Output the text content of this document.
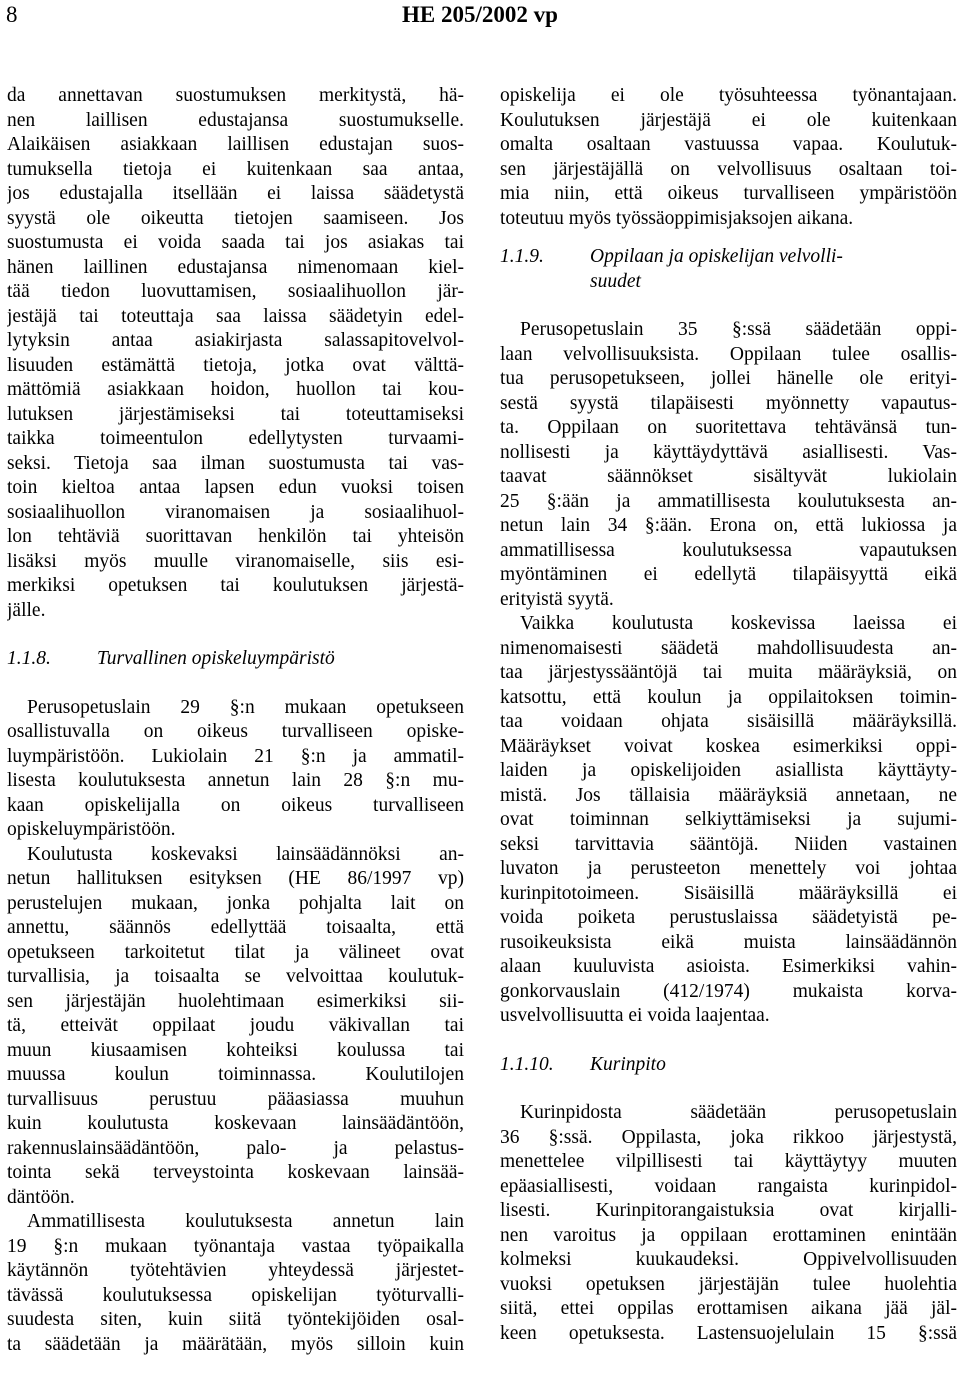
8	HE 205/2002 vp
da annettavan suostumuksen merkitystä, hä-
nen laillisen edustajansa suostumukselle.
Alaikäisen asiakkaan laillisen edustajan suos-
tumuksella tietoja ei kuitenkaan saa antaa,
jos edustajalla itsellään ei laissa säädetystä
syystä ole oikeutta tietojen saamiseen. Jos
suostumusta ei voida saada tai jos asiakas tai
hänen laillinen edustajansa nimenomaan kiel-
tää tiedon luovuttamisen, sosiaalihuollon jär-
jestäjä tai toteuttaja saa laissa säädetyin edel-
lytyksin antaa asiakirjasta salassapitovelvol-
lisuuden estämättä tietoja, jotka ovat välttä-
mättömiä asiakkaan hoidon, huollon tai kou-
lutuksen järjestämiseksi tai toteuttamiseksi
taikka toimeentulon edellytysten turvaami-
seksi. Tietoja saa ilman suostumusta tai vas-
toin kieltoa antaa lapsen edun vuoksi toisen
sosiaalihuollon viranomaisen ja sosiaalihuol-
lon tehtäviä suorittavan henkilön tai yhteisön
lisäksi myös muulle viranomaiselle, siis esi-
merkiksi opetuksen tai koulutuksen järjestä-
jälle.
1.1.8. Turvallinen opiskeluympäristö
Perusopetuslain 29 §:n mukaan opetukseen
osallistuvalla on oikeus turvalliseen opiske-
luympäristöön. Lukiolain 21 §:n ja ammatil-
lisesta koulutuksesta annetun lain 28 §:n mu-
kaan opiskelijalla on oikeus turvalliseen
opiskeluympäristöön.
Koulutusta koskevaksi lainsäädännöksi an-
netun hallituksen esityksen (HE 86/1997 vp)
perustelujen mukaan, jonka pohjalta lait on
annettu, säännös edellyttää toisaalta, että
opetukseen tarkoitetut tilat ja välineet ovat
turvallisia, ja toisaalta se velvoittaa koulutuk-
sen järjestäjän huolehtimaan esimerkiksi sii-
tä, etteivät oppilaat joudu väkivallan tai
muun kiusaamisen kohteiksi koulussa tai
muussa koulun toiminnassa. Koulutilojen
turvallisuus perustuu pääasiassa muuhun
kuin koulutusta koskevaan lainsäädäntöön,
rakennuslainsäädäntöön, palo- ja pelastus-
tointa sekä terveystointa koskevaan lainsää-
däntöön.
Ammatillisesta koulutuksesta annetun lain
19 §:n mukaan työnantaja vastaa työpaikalla
käytännön työtehtävien yhteydessä järjestet-
tävässä koulutuksessa opiskelijan työturvalli-
suudesta siten, kuin siitä työntekijöiden osal-
ta säädetään ja määrätään, myös silloin kuin
opiskelija ei ole työsuhteessa työnantajaan.
Koulutuksen järjestäjä ei ole kuitenkaan
omalta osaltaan vastuussa vapaa. Koulutuk-
sen järjestäjällä on velvollisuus osaltaan toi-
mia niin, että oikeus turvalliseen ympäristöön
toteutuu myös työssäoppimisjaksojen aikana.
1.1.9. Oppilaan ja opiskelijan velvolli-
suudet
Perusopetuslain 35 §:ssä säädetään oppi-
laan velvollisuuksista. Oppilaan tulee osallis-
tua perusopetukseen, jollei hänelle ole erityi-
sestä syystä tilapäisesti myönnetty vapautus-
ta. Oppilaan on suoritettava tehtävänsä tun-
nollisesti ja käyttäydyttävä asiallisesti. Vas-
taavat säännökset sisältyvät lukiolain
25 §:ään ja ammatillisesta koulutuksesta an-
netun lain 34 §:ään. Erona on, että lukiossa ja
ammatillisessa koulutuksessa vapautuksen
myöntäminen ei edellytä tilapäisyyttä eikä
erityistä syytä.
Vaikka koulutusta koskevissa laeissa ei
nimenomaisesti säädetä mahdollisuudesta an-
taa järjestyssääntöjä tai muita määräyksiä, on
katsottu, että koulun ja oppilaitoksen toimin-
taa voidaan ohjata sisäisillä määräyksillä.
Määräykset voivat koskea esimerkiksi oppi-
laiden ja opiskelijoiden asiallista käyttäyty-
mistä. Jos tällaisia määräyksiä annetaan, ne
ovat toiminnan selkiyttämiseksi ja sujumi-
seksi tarvittavia sääntöjä. Niiden vastainen
luvaton ja perusteeton menettely voi johtaa
kurinpitotoimeen. Sisäisillä määräyksillä ei
voida poiketa perustuslaissa säädetyistä pe-
rusoikeuksista eikä muista lainsäädännön
alaan kuuluvista asioista. Esimerkiksi vahin-
gonkorvauslain (412/1974) mukaista korva-
usvelvollisuutta ei voida laajentaa.
1.1.10. Kurinpito
Kurinpidosta säädetään perusopetuslain
36 §:ssä. Oppilasta, joka rikkoo järjestystä,
menettelee vilpillisesti tai käyttäytyy muuten
epäasiallisesti, voidaan rangaista kurinpidol-
lisesti. Kurinpitorangaistuksia ovat kirjalli-
nen varoitus ja oppilaan erottaminen enintään
kolmeksi kuukaudeksi. Oppivelvollisuuden
vuoksi opetuksen järjestäjän tulee huolehtia
siitä, ettei oppilas erottamisen aikana jää jäl-
keen opetuksesta. Lastensuojelulain 15 §:ssä
